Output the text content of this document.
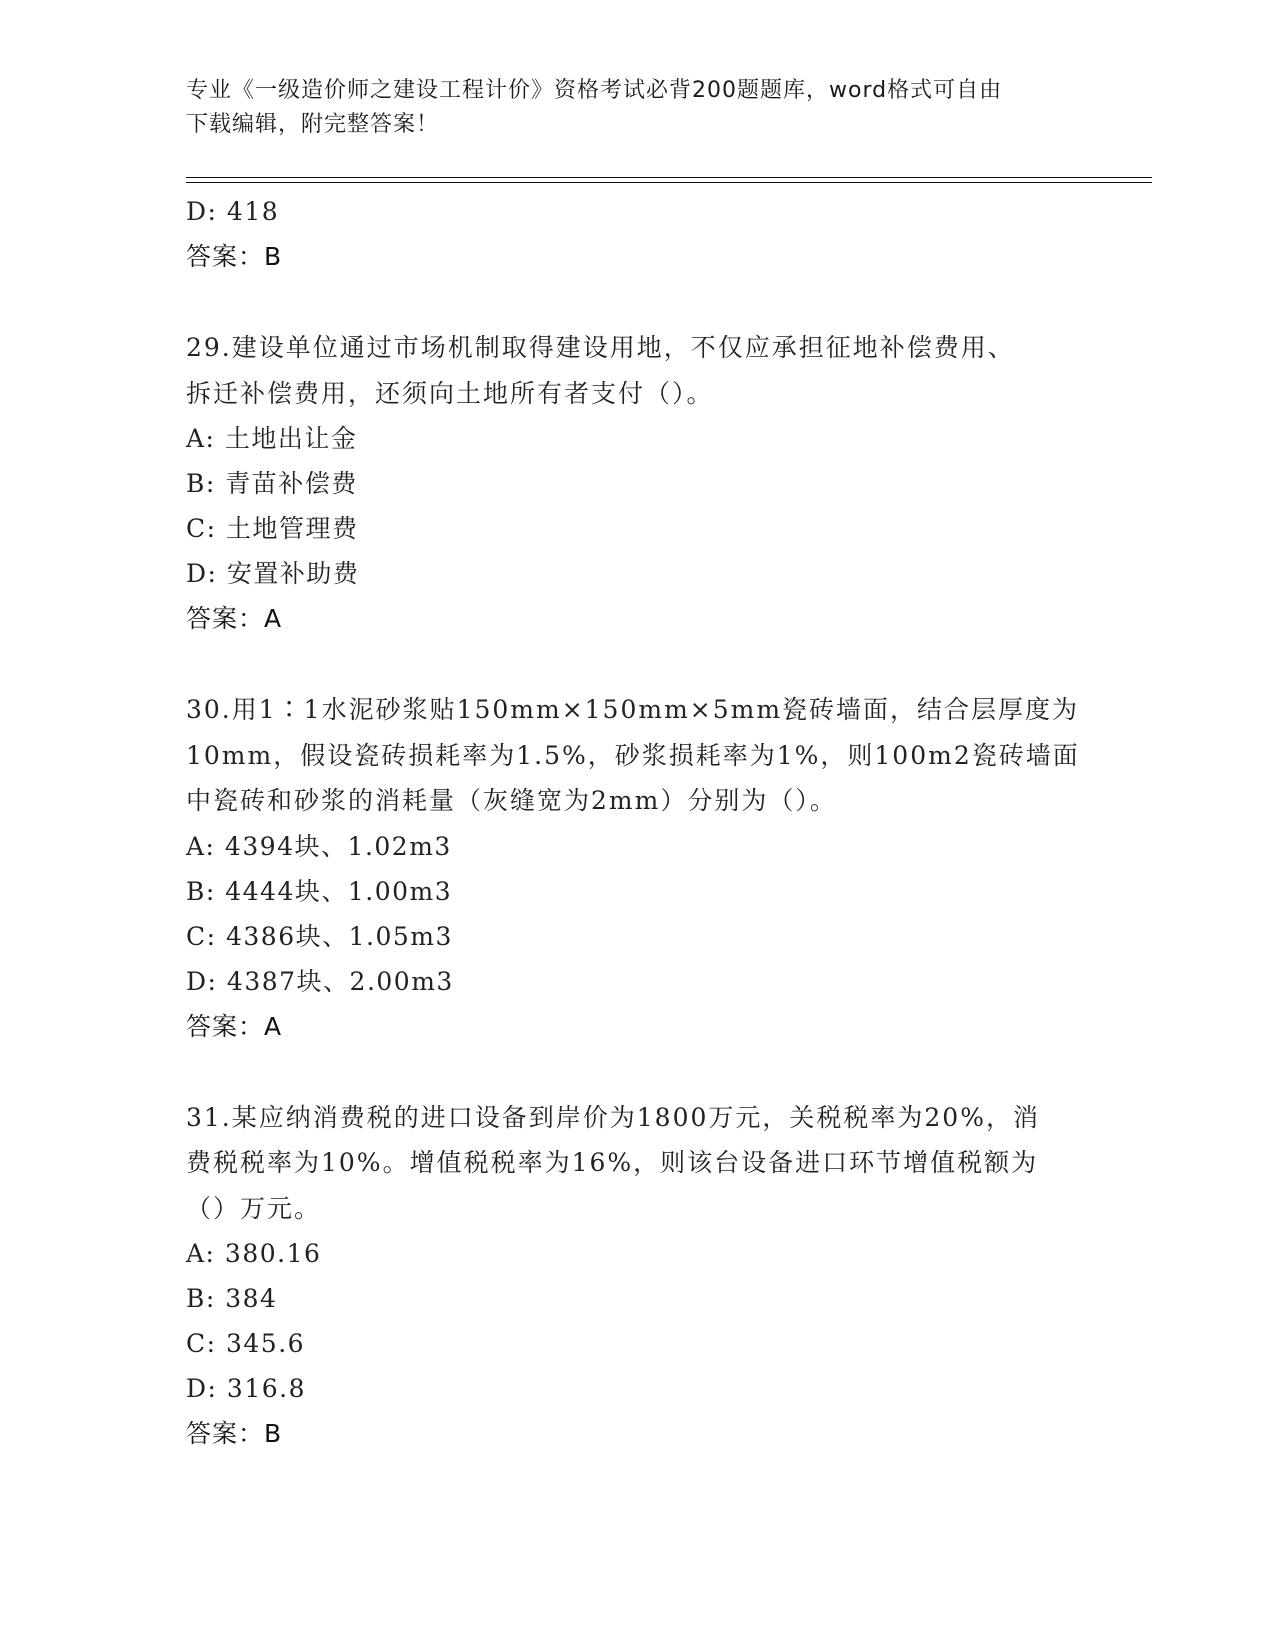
专业《一级造价师之建设工程计价》资格考试必背200题题库，word格式可自由
下载编辑，附完整答案！
D: 418
答案：B
29.建设单位通过市场机制取得建设用地，不仅应承担征地补偿费用、
拆迁补偿费用，还须向土地所有者支付（）。
A: 土地出让金
B: 青苗补偿费
C: 土地管理费
D: 安置补助费
答案：A
30.用1∶1水泥砂浆贴150mm×150mm×5mm瓷砖墙面，结合层厚度为
10mm，假设瓷砖损耗率为1.5%，砂浆损耗率为1%，则100m2瓷砖墙面
中瓷砖和砂浆的消耗量（灰缝宽为2mm）分别为（）。
A: 4394块、1.02m3
B: 4444块、1.00m3
C: 4386块、1.05m3
D: 4387块、2.00m3
答案：A
31.某应纳消费税的进口设备到岸价为1800万元，关税税率为20%，消
费税税率为10%。增值税税率为16%，则该台设备进口环节增值税额为
（）万元。
A: 380.16
B: 384
C: 345.6
D: 316.8
答案：B
